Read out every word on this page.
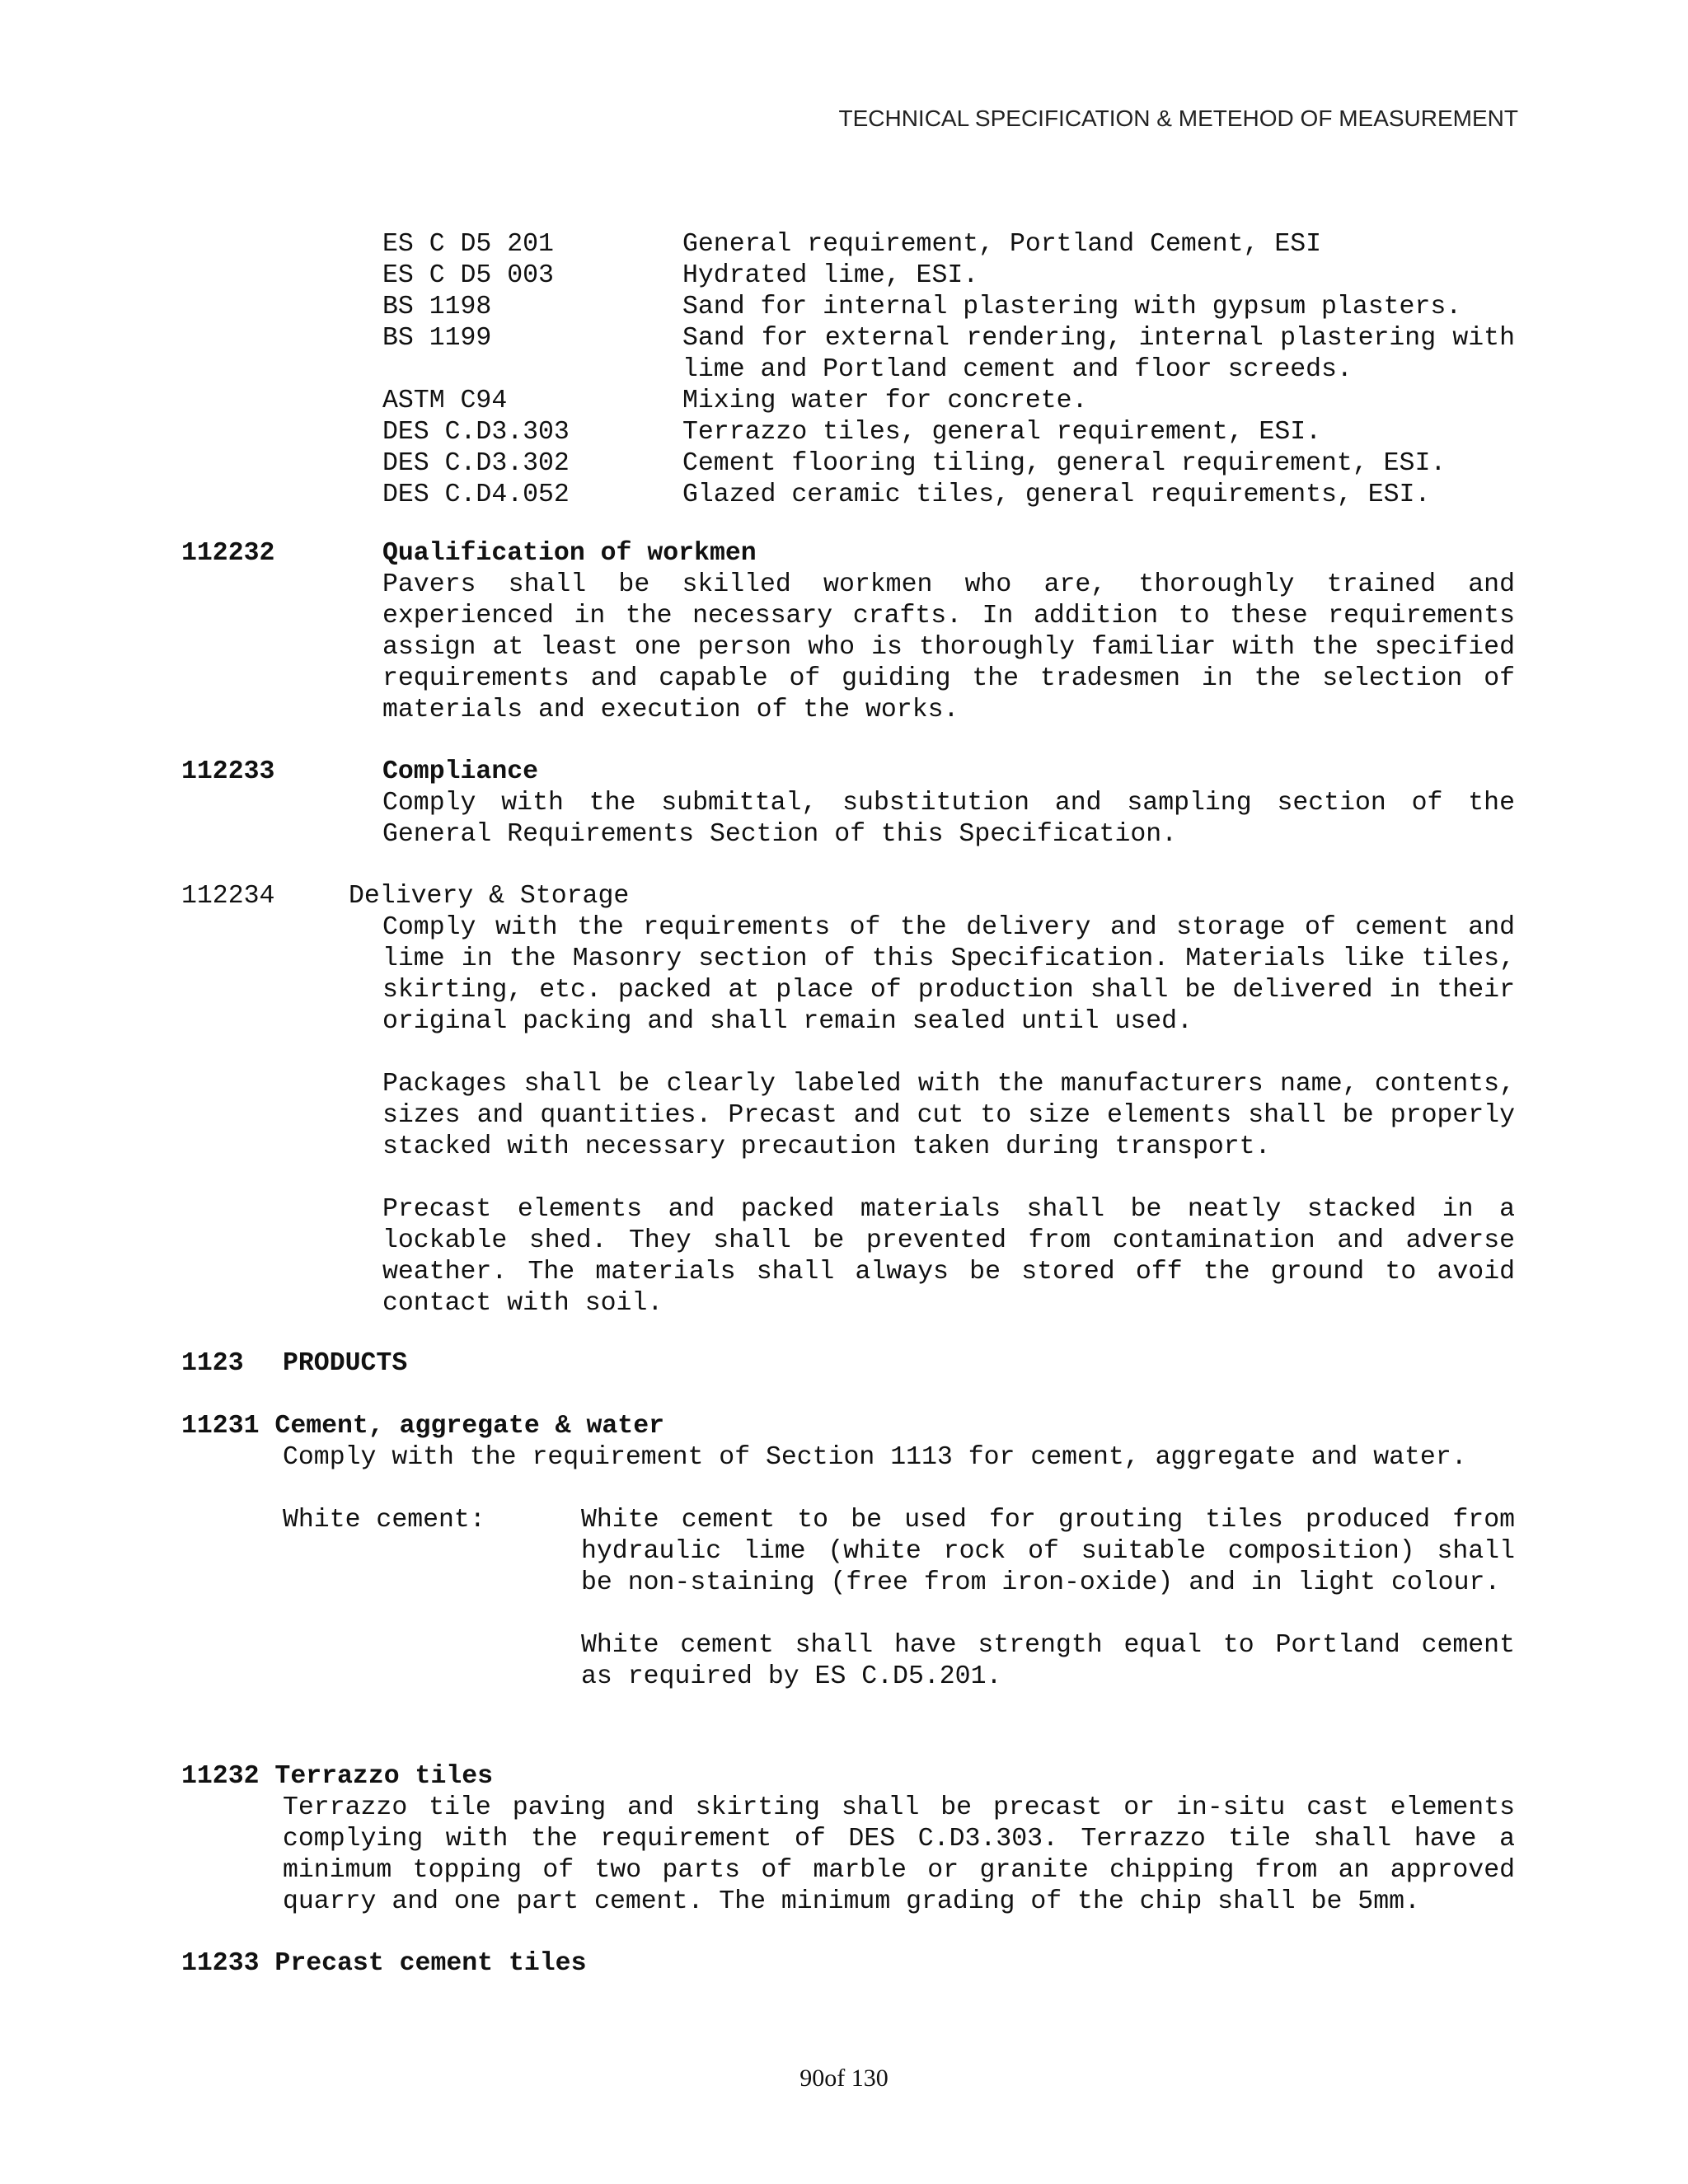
TECHNICAL SPECIFICATION & METEHOD OF MEASUREMENT
ES C D5 201	General requirement, Portland Cement, ESI
ES C D5 003	Hydrated lime, ESI.
BS 1198	Sand for internal plastering with gypsum plasters.
BS 1199	Sand for external rendering, internal plastering with lime and Portland cement and floor screeds.
ASTM C94	Mixing water for concrete.
DES C.D3.303	Terrazzo tiles, general requirement, ESI.
DES C.D3.302	Cement flooring tiling, general requirement, ESI.
DES C.D4.052	Glazed ceramic tiles, general requirements, ESI.
112232	Qualification of workmen
Pavers shall be skilled workmen who are, thoroughly trained and experienced in the necessary crafts. In addition to these requirements assign at least one person who is thoroughly familiar with the specified requirements and capable of guiding the tradesmen in the selection of materials and execution of the works.
112233	Compliance
Comply with the submittal, substitution and sampling section of the General Requirements Section of this Specification.
112234	Delivery & Storage
Comply with the requirements of the delivery and storage of cement and lime in the Masonry section of this Specification. Materials like tiles, skirting, etc. packed at place of production shall be delivered in their original packing and shall remain sealed until used.
Packages shall be clearly labeled with the manufacturers name, contents, sizes and quantities. Precast and cut to size elements shall be properly stacked with necessary precaution taken during transport.
Precast elements and packed materials shall be neatly stacked in a lockable shed. They shall be prevented from contamination and adverse weather. The materials shall always be stored off the ground to avoid contact with soil.
1123 PRODUCTS
11231 Cement, aggregate & water
Comply with the requirement of Section 1113 for cement, aggregate and water.
White cement:	White cement to be used for grouting tiles produced from hydraulic lime (white rock of suitable composition) shall be non-staining (free from iron-oxide) and in light colour.
White cement shall have strength equal to Portland cement as required by ES C.D5.201.
11232 Terrazzo tiles
Terrazzo tile paving and skirting shall be precast or in-situ cast elements complying with the requirement of DES C.D3.303. Terrazzo tile shall have a minimum topping of two parts of marble or granite chipping from an approved quarry and one part cement. The minimum grading of the chip shall be 5mm.
11233 Precast cement tiles
90of 130
